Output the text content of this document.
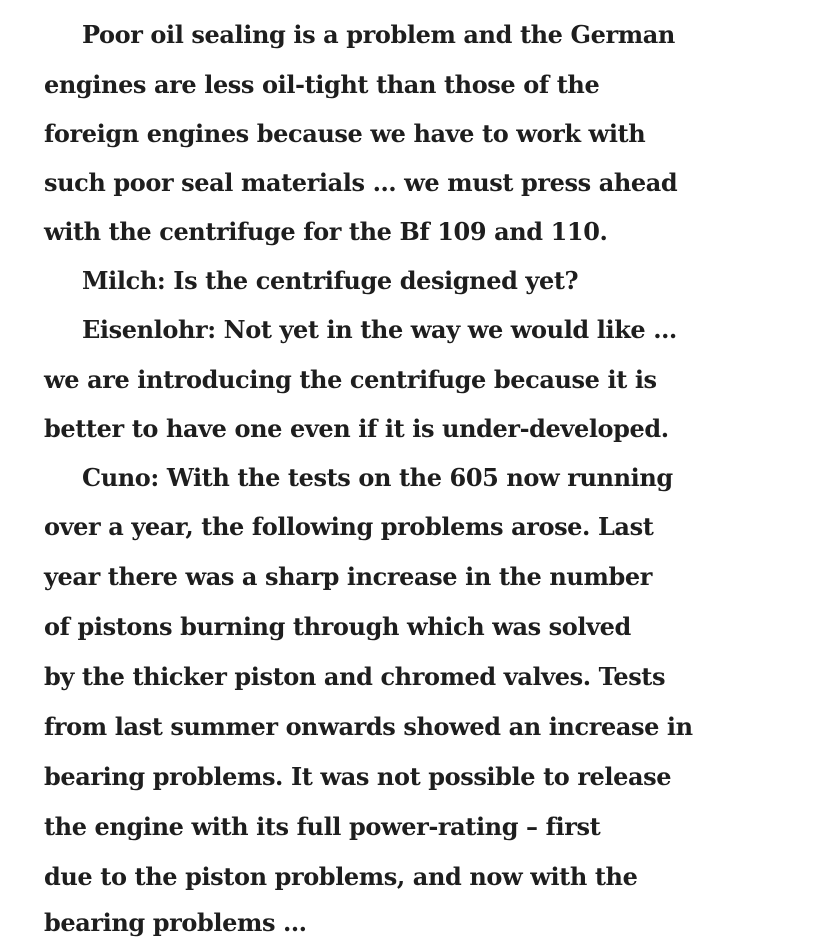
Poor oil sealing is a problem and the German
engines are less oil-tight than those of the
foreign engines because we have to work with
such poor seal materials … we must press ahead
with the centrifuge for the Bf 109 and 110.
Milch: Is the centrifuge designed yet?
Eisenlohr: Not yet in the way we would like …
we are introducing the centrifuge because it is
better to have one even if it is under-developed.
Cuno: With the tests on the 605 now running
over a year, the following problems arose. Last
year there was a sharp increase in the number
of pistons burning through which was solved
by the thicker piston and chromed valves. Tests
from last summer onwards showed an increase in
bearing problems. It was not possible to release
the engine with its full power-rating – first
due to the piston problems, and now with the
bearing problems …
